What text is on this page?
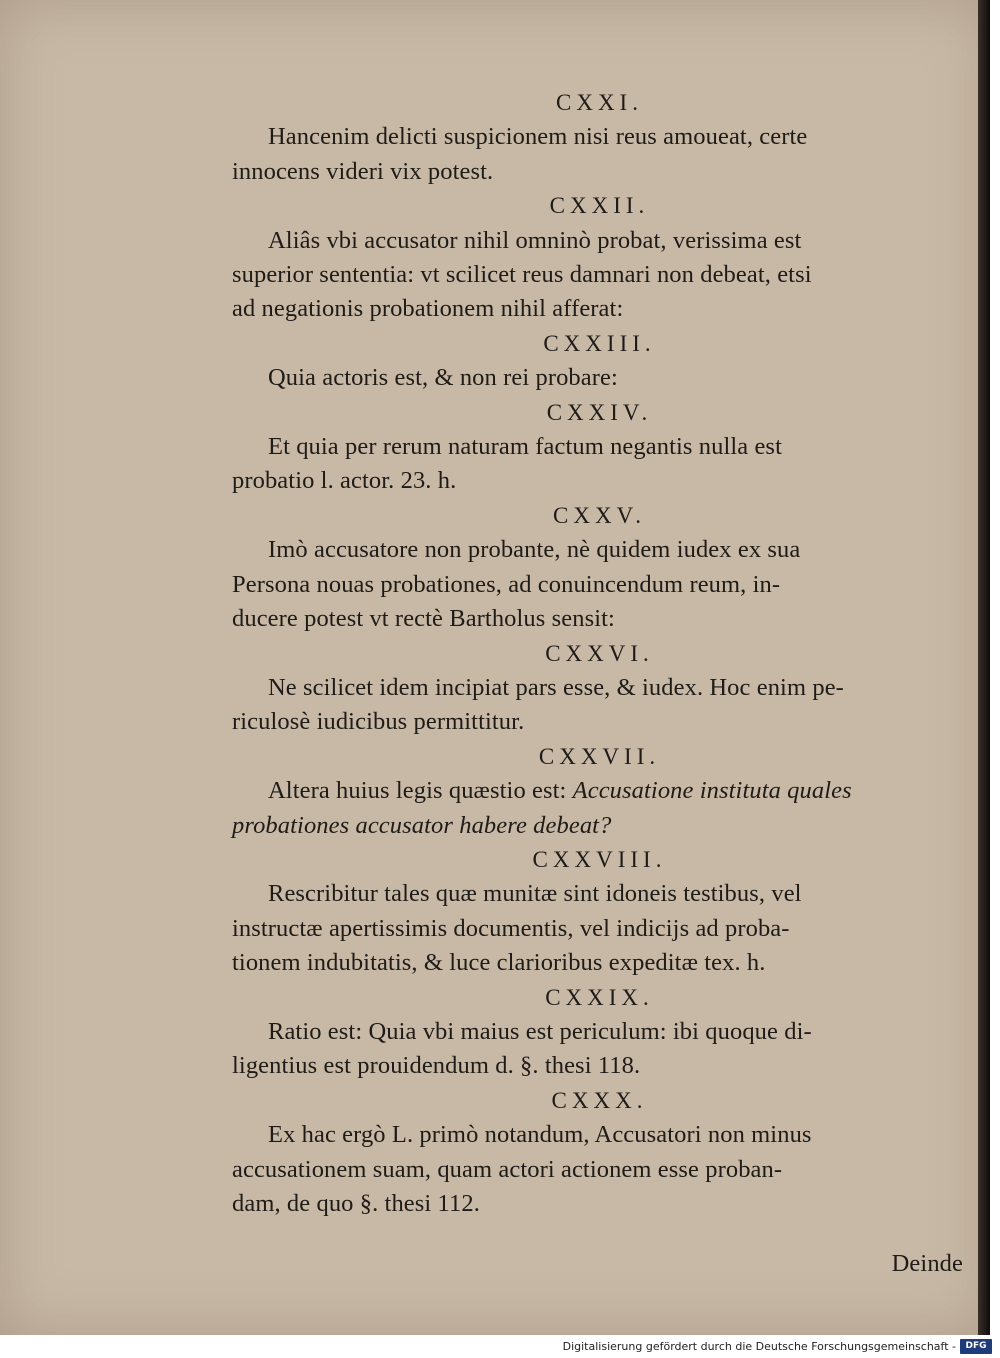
CXXI.
Hancenim delicti suspicionem nisi reus amoueat, certe
innocens videri vix potest.
CXXII.
Aliâs vbi accusator nihil omninò probat, verissima est
superior sententia: vt scilicet reus damnari non debeat, etsi
ad negationis probationem nihil afferat:
CXXIII.
Quia actoris est, & non rei probare:
CXXIV.
Et quia per rerum naturam factum negantis nulla est
probatio l. actor. 23. h.
CXXV.
Imò accusatore non probante, nè quidem iudex ex sua
Persona nouas probationes, ad conuincendum reum, in-
ducere potest vt rectè Bartholus sensit:
CXXVI.
Ne scilicet idem incipiat pars esse, & iudex. Hoc enim pe-
riculosè iudicibus permittitur.
CXXVII.
Altera huius legis quæstio est: Accusatione instituta quales
probationes accusator habere debeat?
CXXVIII.
Rescribitur tales quæ munitæ sint idoneis testibus, vel
instructæ apertissimis documentis, vel indicijs ad proba-
tionem indubitatis, & luce clarioribus expeditæ tex. h.
CXXIX.
Ratio est: Quia vbi maius est periculum: ibi quoque di-
ligentius est prouidendum d. §. thesi 118.
CXXX.
Ex hac ergò L. primò notandum, Accusatori non minus
accusationem suam, quam actori actionem esse proban-
dam, de quo §. thesi 112.
Deinde
Digitalisierung gefördert durch die Deutsche Forschungsgemeinschaft -	DFG
